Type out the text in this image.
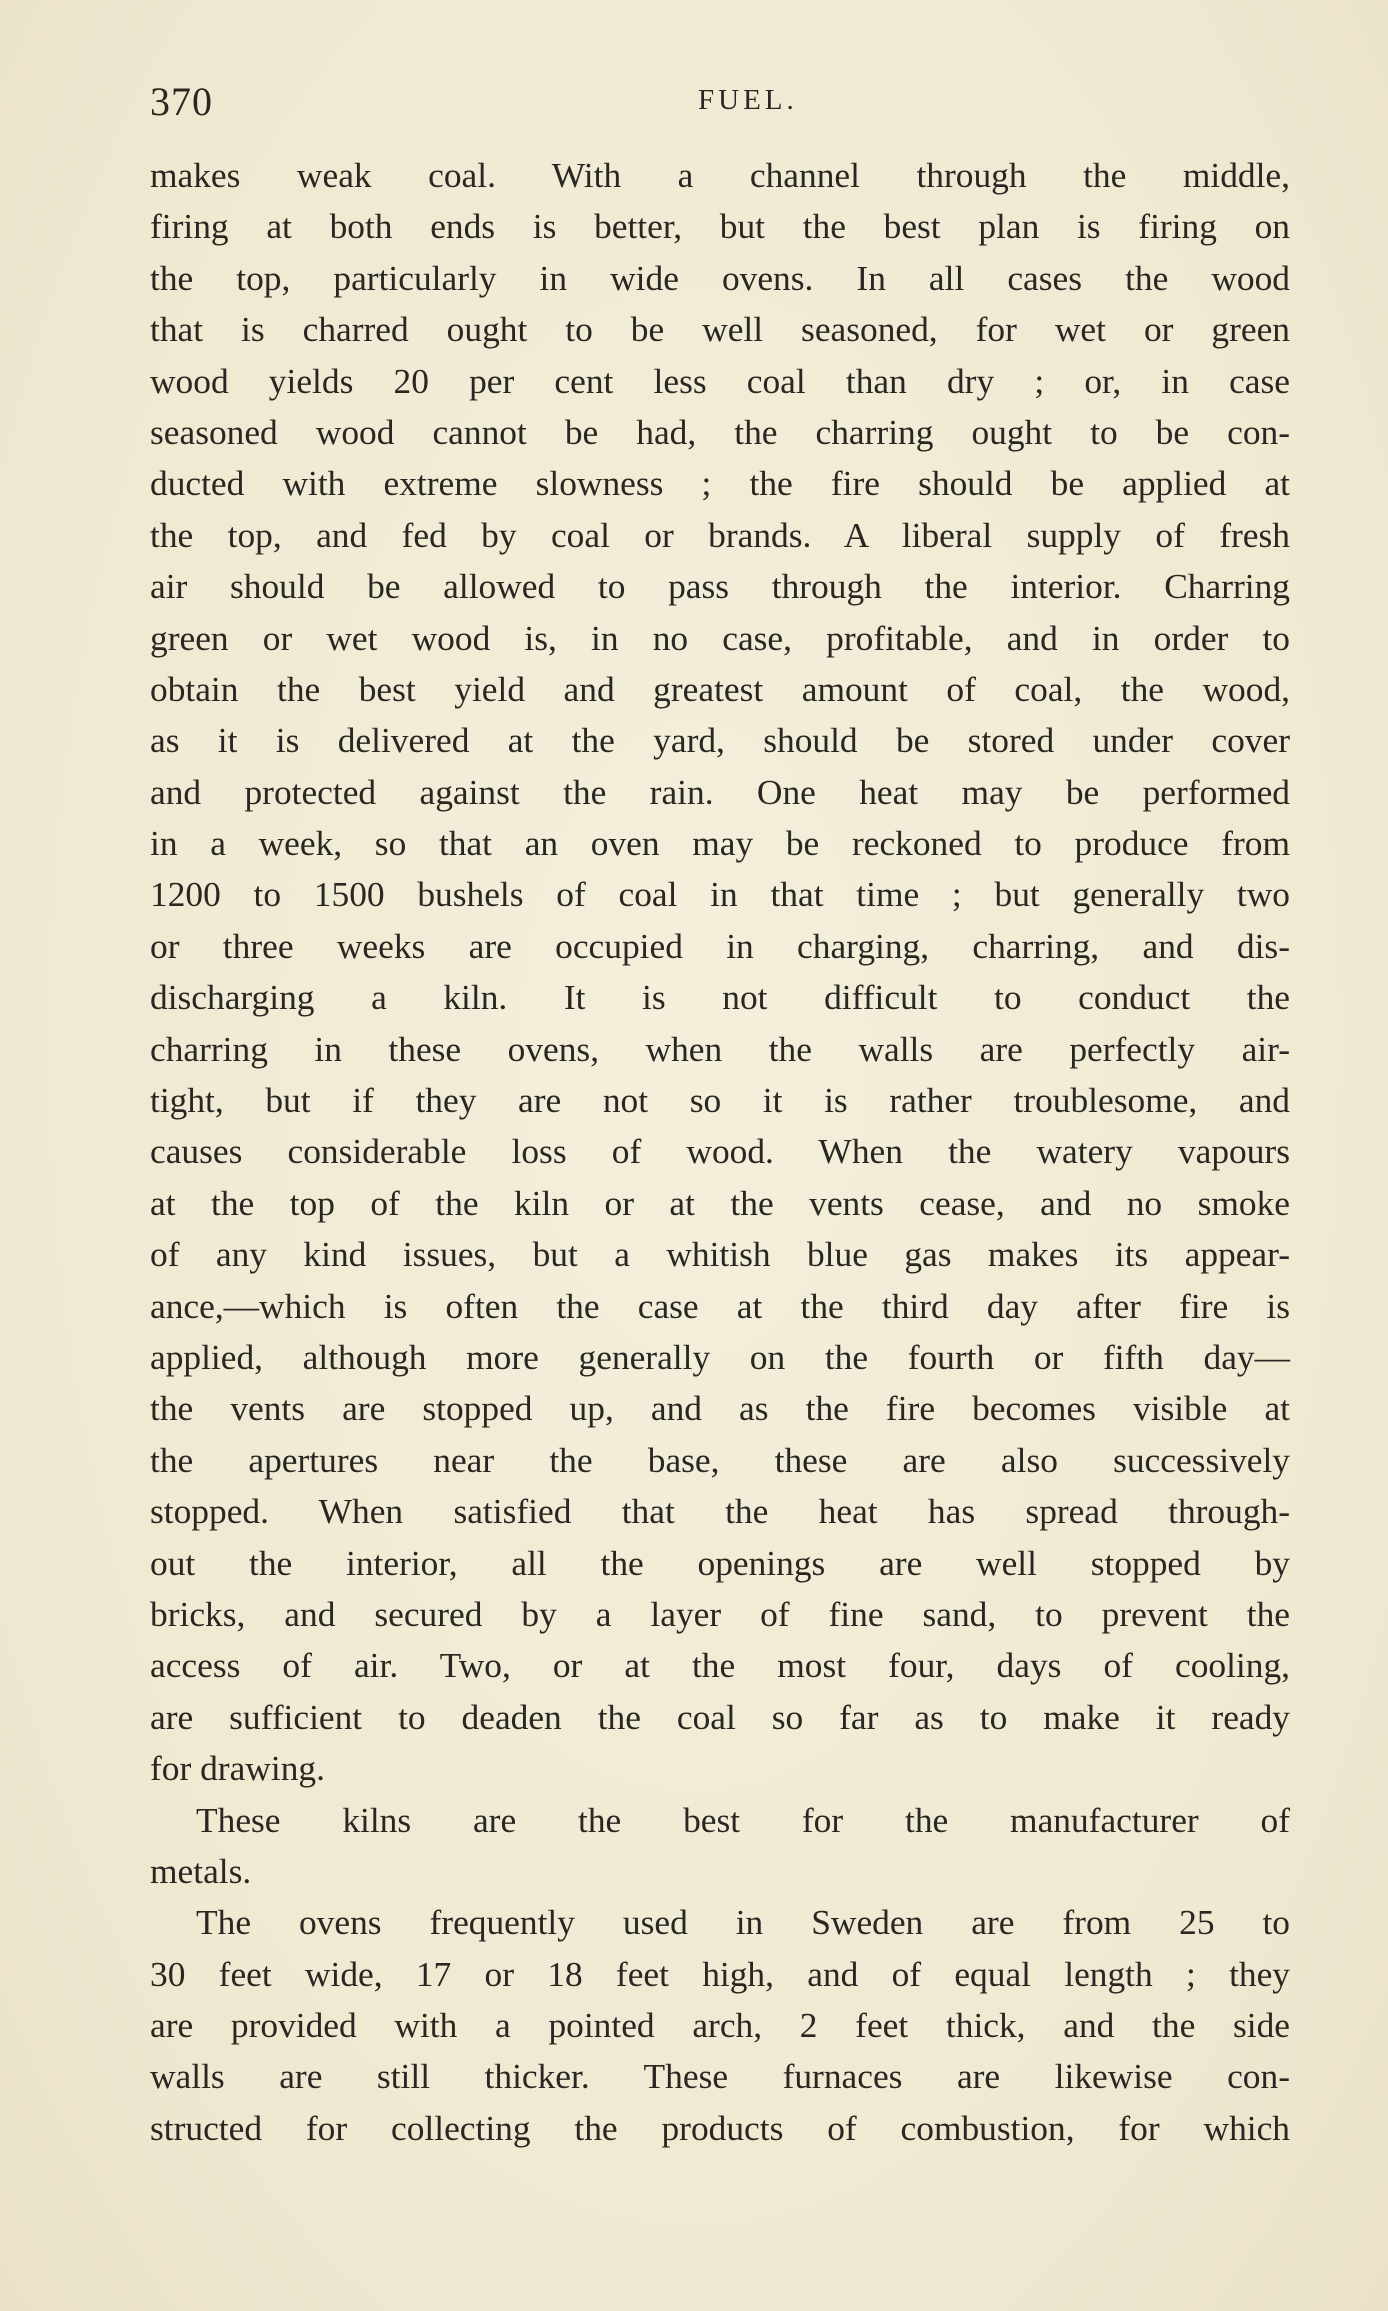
370	FUEL.
makes weak coal. With a channel through the middle,
firing at both ends is better, but the best plan is firing on
the top, particularly in wide ovens. In all cases the wood
that is charred ought to be well seasoned, for wet or green
wood yields 20 per cent less coal than dry ; or, in case
seasoned wood cannot be had, the charring ought to be con-
ducted with extreme slowness ; the fire should be applied at
the top, and fed by coal or brands. A liberal supply of fresh
air should be allowed to pass through the interior. Charring
green or wet wood is, in no case, profitable, and in order to
obtain the best yield and greatest amount of coal, the wood,
as it is delivered at the yard, should be stored under cover
and protected against the rain. One heat may be performed
in a week, so that an oven may be reckoned to produce from
1200 to 1500 bushels of coal in that time ; but generally two
or three weeks are occupied in charging, charring, and dis-
discharging a kiln. It is not difficult to conduct the
charring in these ovens, when the walls are perfectly air-
tight, but if they are not so it is rather troublesome, and
causes considerable loss of wood. When the watery vapours
at the top of the kiln or at the vents cease, and no smoke
of any kind issues, but a whitish blue gas makes its appear-
ance,—which is often the case at the third day after fire is
applied, although more generally on the fourth or fifth day—
the vents are stopped up, and as the fire becomes visible at
the apertures near the base, these are also successively
stopped. When satisfied that the heat has spread through-
out the interior, all the openings are well stopped by
bricks, and secured by a layer of fine sand, to prevent the
access of air. Two, or at the most four, days of cooling,
are sufficient to deaden the coal so far as to make it ready
for drawing.
These kilns are the best for the manufacturer of
metals.
The ovens frequently used in Sweden are from 25 to
30 feet wide, 17 or 18 feet high, and of equal length ; they
are provided with a pointed arch, 2 feet thick, and the side
walls are still thicker. These furnaces are likewise con-
structed for collecting the products of combustion, for which
